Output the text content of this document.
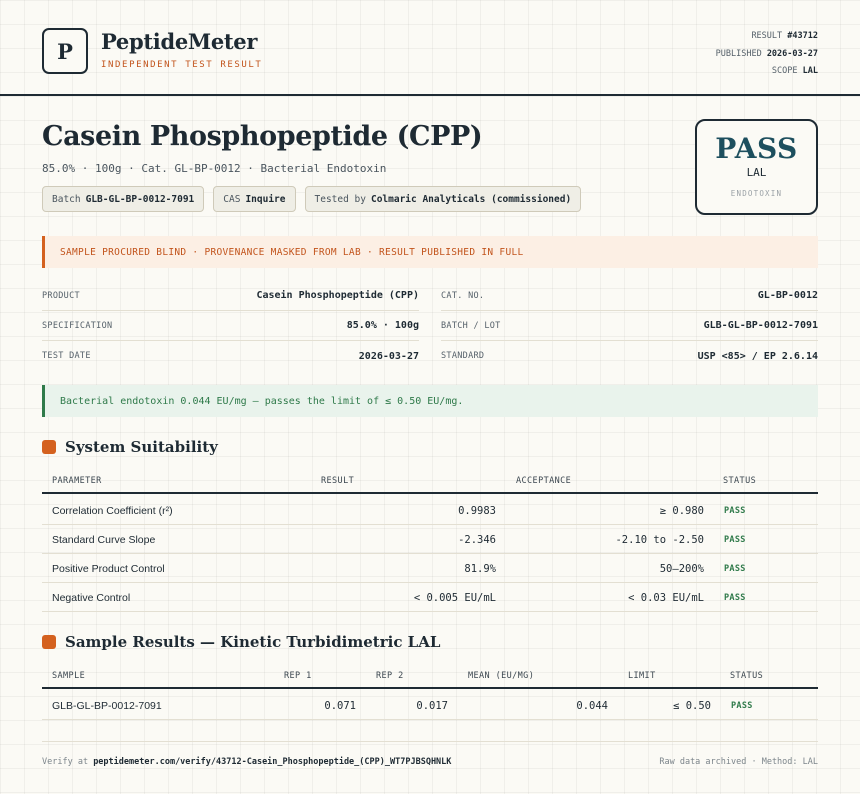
P PeptideMeter
INDEPENDENT TEST RESULT
RESULT #43712
PUBLISHED 2026-03-27
SCOPE LAL
Casein Phosphopeptide (CPP)
85.0% · 100g · Cat. GL-BP-0012 · Bacterial Endotoxin
Batch GLB-GL-BP-0012-7091	CAS Inquire	Tested by Colmaric Analyticals (commissioned)
PASS
LAL
ENDOTOXIN
SAMPLE PROCURED BLIND · PROVENANCE MASKED FROM LAB · RESULT PUBLISHED IN FULL
PRODUCT	Casein Phosphopeptide (CPP)	CAT. NO.	GL-BP-0012
SPECIFICATION	85.0% · 100g	BATCH / LOT	GLB-GL-BP-0012-7091
TEST DATE	2026-03-27	STANDARD	USP <85> / EP 2.6.14
Bacterial endotoxin 0.044 EU/mg — passes the limit of ≤ 0.50 EU/mg.
System Suitability
PARAMETER	RESULT	ACCEPTANCE	STATUS
Correlation Coefficient (r²)	0.9983	≥ 0.980 PASS
Standard Curve Slope	-2.346	-2.10 to -2.50 PASS
Positive Product Control	81.9%	50–200% PASS
Negative Control	< 0.005 EU/mL	< 0.03 EU/mL PASS
Sample Results — Kinetic Turbidimetric LAL
SAMPLE	REP 1	REP 2	MEAN (EU/MG)	LIMIT	STATUS
GLB-GL-BP-0012-7091	0.071	0.017	0.044	≤ 0.50 PASS
Verify at peptidemeter.com/verify/43712-Casein_Phosphopeptide_(CPP)_WT7PJBSQHNLK	Raw data archived · Method: LAL
